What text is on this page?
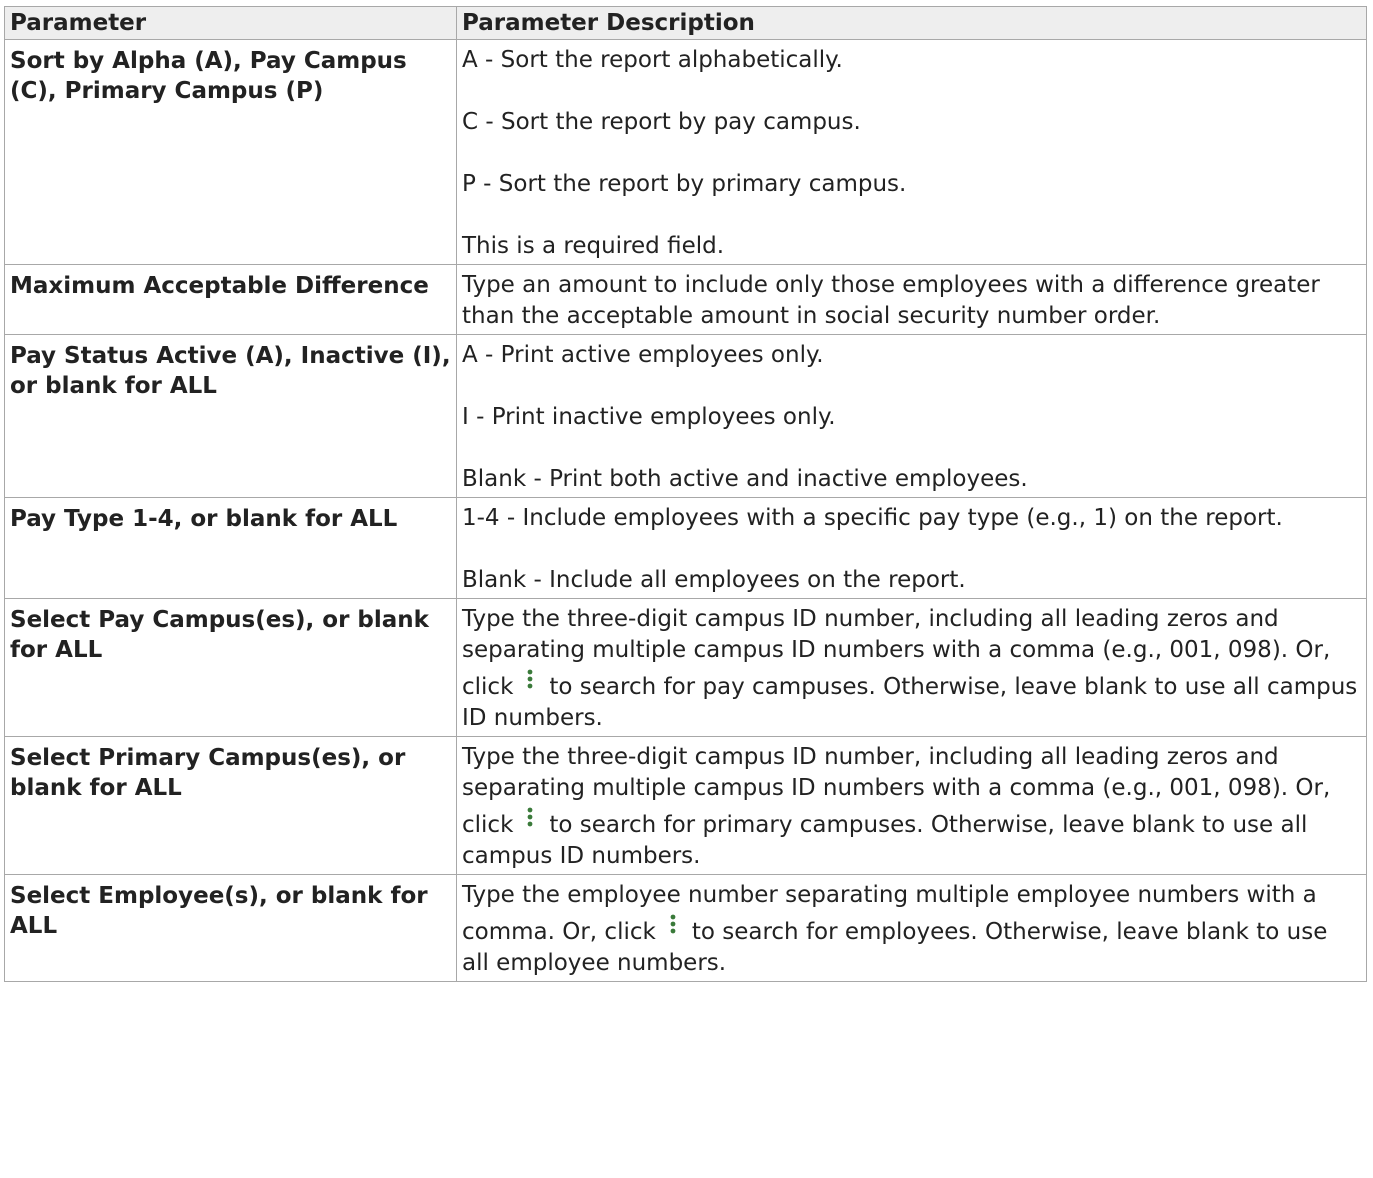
Parameter	Parameter Description
Sort by Alpha (A), Pay Campus (C), Primary Campus (P)	A - Sort the report alphabetically.
C - Sort the report by pay campus.
P - Sort the report by primary campus.
This is a required field.

Maximum Acceptable Difference	Type an amount to include only those employees with a difference greater than the acceptable amount in social security number order.

Pay Status Active (A), Inactive (I), or blank for ALL	A - Print active employees only.
I - Print inactive employees only.
Blank - Print both active and inactive employees.

Pay Type 1-4, or blank for ALL	1-4 - Include employees with a specific pay type (e.g., 1) on the report.
Blank - Include all employees on the report.

Select Pay Campus(es), or blank for ALL	Type the three-digit campus ID number, including all leading zeros and separating multiple campus ID numbers with a comma (e.g., 001, 098). Or, click to search for pay campuses. Otherwise, leave blank to use all campus ID numbers.
Select Primary Campus(es), or blank for ALL	Type the three-digit campus ID number, including all leading zeros and separating multiple campus ID numbers with a comma (e.g., 001, 098). Or, click to search for primary campuses. Otherwise, leave blank to use all campus ID numbers.
Select Employee(s), or blank for ALL	Type the employee number separating multiple employee numbers with a comma. Or, click to search for employees. Otherwise, leave blank to use all employee numbers.
